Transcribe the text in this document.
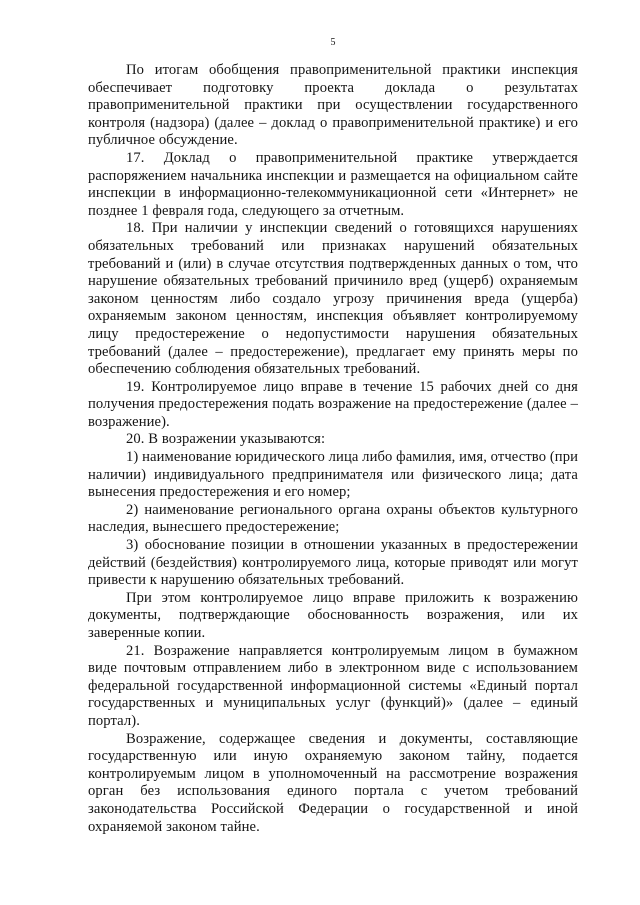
5

По итогам обобщения правоприменительной практики инспекция обеспечивает подготовку проекта доклада о результатах правоприменительной практики при осуществлении государственного контроля (надзора) (далее – доклад о правоприменительной практике) и его публичное обсуждение.

17. Доклад о правоприменительной практике утверждается распоряжением начальника инспекции и размещается на официальном сайте инспекции в информационно-телекоммуникационной сети «Интернет» не позднее 1 февраля года, следующего за отчетным.

18. При наличии у инспекции сведений о готовящихся нарушениях обязательных требований или признаках нарушений обязательных требований и (или) в случае отсутствия подтвержденных данных о том, что нарушение обязательных требований причинило вред (ущерб) охраняемым законом ценностям либо создало угрозу причинения вреда (ущерба) охраняемым законом ценностям, инспекция объявляет контролируемому лицу предостережение о недопустимости нарушения обязательных требований (далее – предостережение), предлагает ему принять меры по обеспечению соблюдения обязательных требований.

19. Контролируемое лицо вправе в течение 15 рабочих дней со дня получения предостережения подать возражение на предостережение (далее – возражение).

20. В возражении указываются:

1) наименование юридического лица либо фамилия, имя, отчество (при наличии) индивидуального предпринимателя или физического лица; дата вынесения предостережения и его номер;

2) наименование регионального органа охраны объектов культурного наследия, вынесшего предостережение;

3) обоснование позиции в отношении указанных в предостережении действий (бездействия) контролируемого лица, которые приводят или могут привести к нарушению обязательных требований.

При этом контролируемое лицо вправе приложить к возражению документы, подтверждающие обоснованность возражения, или их заверенные копии.

21. Возражение направляется контролируемым лицом в бумажном виде почтовым отправлением либо в электронном виде с использованием федеральной государственной информационной системы «Единый портал государственных и муниципальных услуг (функций)» (далее – единый портал).

Возражение, содержащее сведения и документы, составляющие государственную или иную охраняемую законом тайну, подается контролируемым лицом в уполномоченный на рассмотрение возражения орган без использования единого портала с учетом требований законодательства Российской Федерации о государственной и иной охраняемой законом тайне.
